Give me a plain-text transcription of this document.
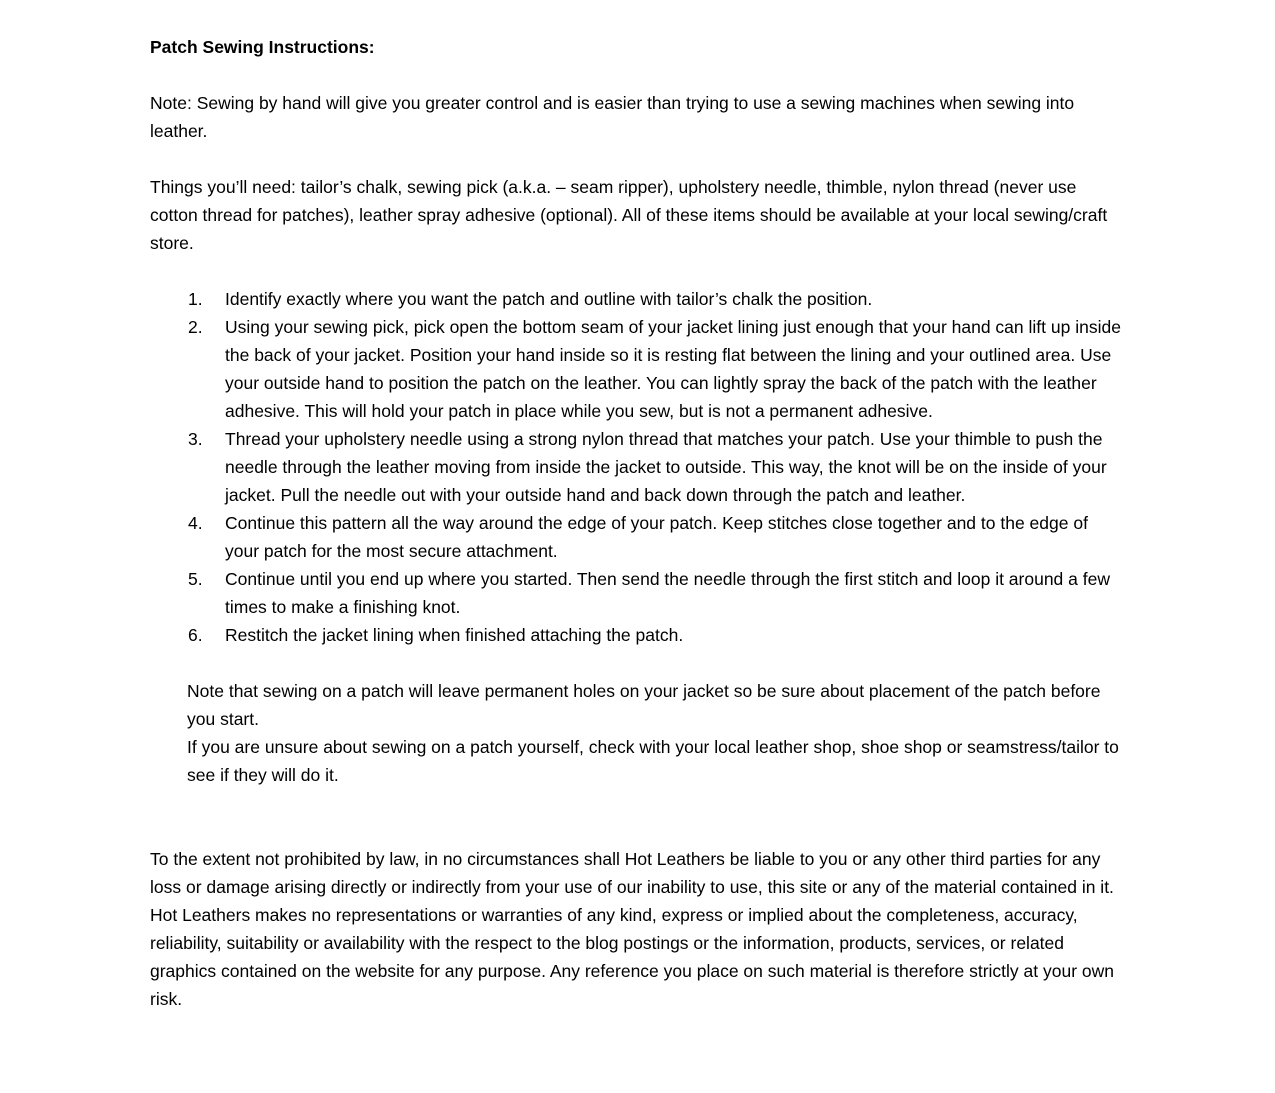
Patch Sewing Instructions:

Note: Sewing by hand will give you greater control and is easier than trying to use a sewing machines when sewing into leather.

Things you’ll need: tailor’s chalk, sewing pick (a.k.a. – seam ripper), upholstery needle, thimble, nylon thread (never use cotton thread for patches), leather spray adhesive (optional). All of these items should be available at your local sewing/craft store.

1.	Identify exactly where you want the patch and outline with tailor’s chalk the position.
2.	Using your sewing pick, pick open the bottom seam of your jacket lining just enough that your hand can lift up inside the back of your jacket. Position your hand inside so it is resting flat between the lining and your outlined area. Use your outside hand to position the patch on the leather. You can lightly spray the back of the patch with the leather adhesive. This will hold your patch in place while you sew, but is not a permanent adhesive.
3.	Thread your upholstery needle using a strong nylon thread that matches your patch. Use your thimble to push the needle through the leather moving from inside the jacket to outside. This way, the knot will be on the inside of your jacket. Pull the needle out with your outside hand and back down through the patch and leather.
4.	Continue this pattern all the way around the edge of your patch. Keep stitches close together and to the edge of your patch for the most secure attachment.
5.	Continue until you end up where you started. Then send the needle through the first stitch and loop it around a few times to make a finishing knot.
6.	Restitch the jacket lining when finished attaching the patch.

Note that sewing on a patch will leave permanent holes on your jacket so be sure about placement of the patch before you start.

If you are unsure about sewing on a patch yourself, check with your local leather shop, shoe shop or seamstress/tailor to see if they will do it.

To the extent not prohibited by law, in no circumstances shall Hot Leathers be liable to you or any other third parties for any loss or damage arising directly or indirectly from your use of our inability to use, this site or any of the material contained in it. Hot Leathers makes no representations or warranties of any kind, express or implied about the completeness, accuracy, reliability, suitability or availability with the respect to the blog postings or the information, products, services, or related graphics contained on the website for any purpose. Any reference you place on such material is therefore strictly at your own risk.
